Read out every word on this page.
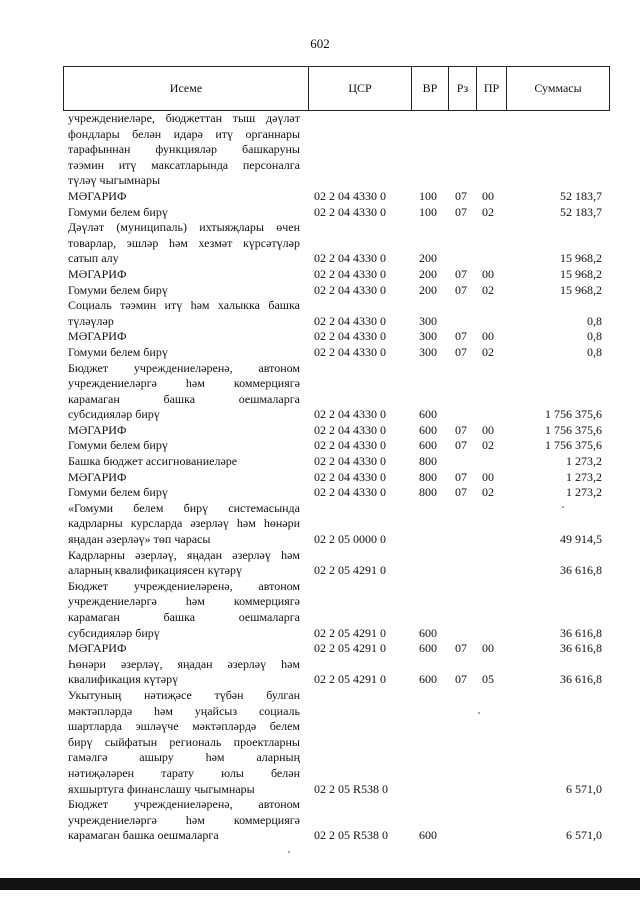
602
Исеме	ЦСР	ВР	Рз	ПР	Суммасы
учреждениеләре, бюджеттан тыш дәүләт
фондлары белән идарә итү органнары
тарафыннан функцияләр башкаруны
тәэмин итү максатларында персоналга
түләү чыгымнары
МӘГАРИФ	02 2 04 4330 0	100 07 00	52 183,7
Гомуми белем бирү	02 2 04 4330 0	100 07 02	52 183,7
Дәүләт (муниципаль) ихтыяҗлары өчен
товарлар, эшләр һәм хезмәт күрсәтүләр
сатып алу	02 2 04 4330 0	200	15 968,2
МӘГАРИФ	02 2 04 4330 0	200 07 00	15 968,2
Гомуми белем бирү	02 2 04 4330 0	200 07 02	15 968,2
Социаль тәэмин итү һәм халыкка башка
түләүләр	02 2 04 4330 0	300	0,8
МӘГАРИФ	02 2 04 4330 0	300 07 00	0,8
Гомуми белем бирү	02 2 04 4330 0	300 07 02	0,8
Бюджет учреждениеләренә, автоном
учреждениеләргә һәм коммерциягә
карамаган башка оешмаларга
субсидияләр бирү	02 2 04 4330 0	600	1 756 375,6
МӘГАРИФ	02 2 04 4330 0	600 07 00	1 756 375,6
Гомуми белем бирү	02 2 04 4330 0	600 07 02	1 756 375,6
Башка бюджет ассигнованиеләре	02 2 04 4330 0	800	1 273,2
МӘГАРИФ	02 2 04 4330 0	800 07 00	1 273,2
Гомуми белем бирү	02 2 04 4330 0	800 07 02	1 273,2
«Гомуми белем бирү системасында
кадрларны курсларда әзерләү һәм һөнәри
яңадан әзерләү» төп чарасы	02 2 05 0000 0	49 914,5
Кадрларны әзерләү, яңадан әзерләү һәм
аларның квалификациясен күтәрү	02 2 05 4291 0	36 616,8
Бюджет учреждениеләренә, автоном
учреждениеләргә һәм коммерциягә
карамаган башка оешмаларга
субсидияләр бирү	02 2 05 4291 0	600	36 616,8
МӘГАРИФ	02 2 05 4291 0	600 07 00	36 616,8
Һөнәри әзерләү, яңадан әзерләү һәм
квалификация күтәрү	02 2 05 4291 0	600 07 05	36 616,8
Укытуның нәтиҗәсе түбән булган
мәктәпләрдә һәм уңайсыз социаль
шартларда эшләүче мәктәпләрдә белем
бирү сыйфатын региональ проектларны
гамәлгә ашыру һәм аларның
нәтиҗәләрен тарату юлы белән
яхшыртуга финанслашу чыгымнары	02 2 05 R538 0	6 571,0
Бюджет учреждениеләренә, автоном
учреждениеләргә һәм коммерциягә
карамаган башка оешмаларга	02 2 05 R538 0	600	6 571,0
